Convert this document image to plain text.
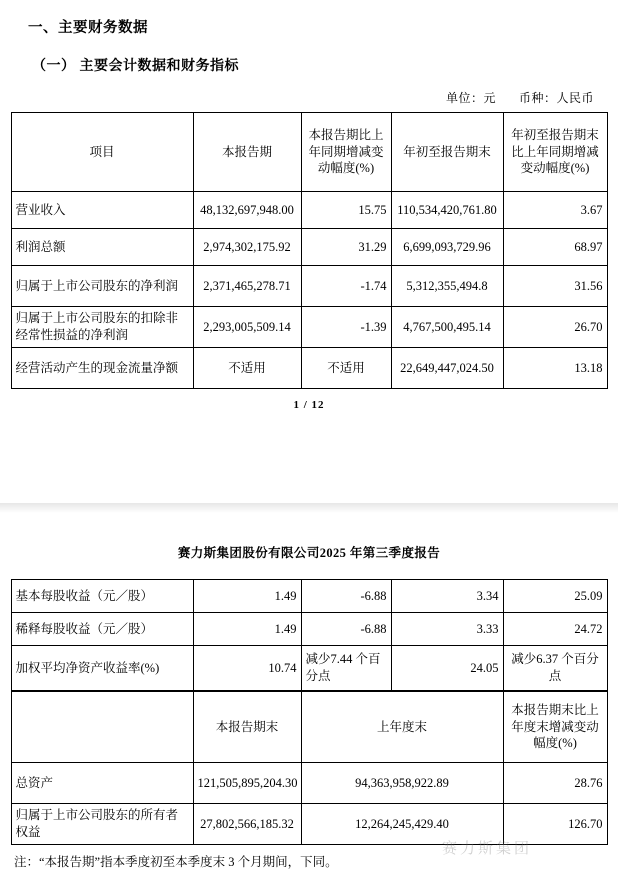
一、主要财务数据
（一） 主要会计数据和财务指标
单位：元 币种：人民币
项目	本报告期	本报告期比上年同期增减变动幅度(%)	年初至报告期末	年初至报告期末比上年同期增减变动幅度(%)
营业收入	48,132,697,948.00	15.75	110,534,420,761.80	3.67
利润总额	2,974,302,175.92	31.29	6,699,093,729.96	68.97
归属于上市公司股东的净利润	2,371,465,278.71	-1.74	5,312,355,494.8	31.56
归属于上市公司股东的扣除非经常性损益的净利润	2,293,005,509.14	-1.39	4,767,500,495.14	26.70
经营活动产生的现金流量净额	不适用	不适用	22,649,447,024.50	13.18
1 / 12
赛力斯集团股份有限公司2025 年第三季度报告
基本每股收益（元／股）	1.49	-6.88	3.34	25.09
稀释每股收益（元／股）	1.49	-6.88	3.33	24.72
加权平均净资产收益率(%)	10.74	减少7.44 个百分点	24.05	减少6.37 个百分点
	本报告期末	上年度末	本报告期末比上年度末增减变动幅度(%)
总资产	121,505,895,204.30	94,363,958,922.89	28.76
归属于上市公司股东的所有者权益	27,802,566,185.32	12,264,245,429.40	126.70
注：“本报告期”指本季度初至本季度末 3 个月期间，下同。
赛力斯集团
